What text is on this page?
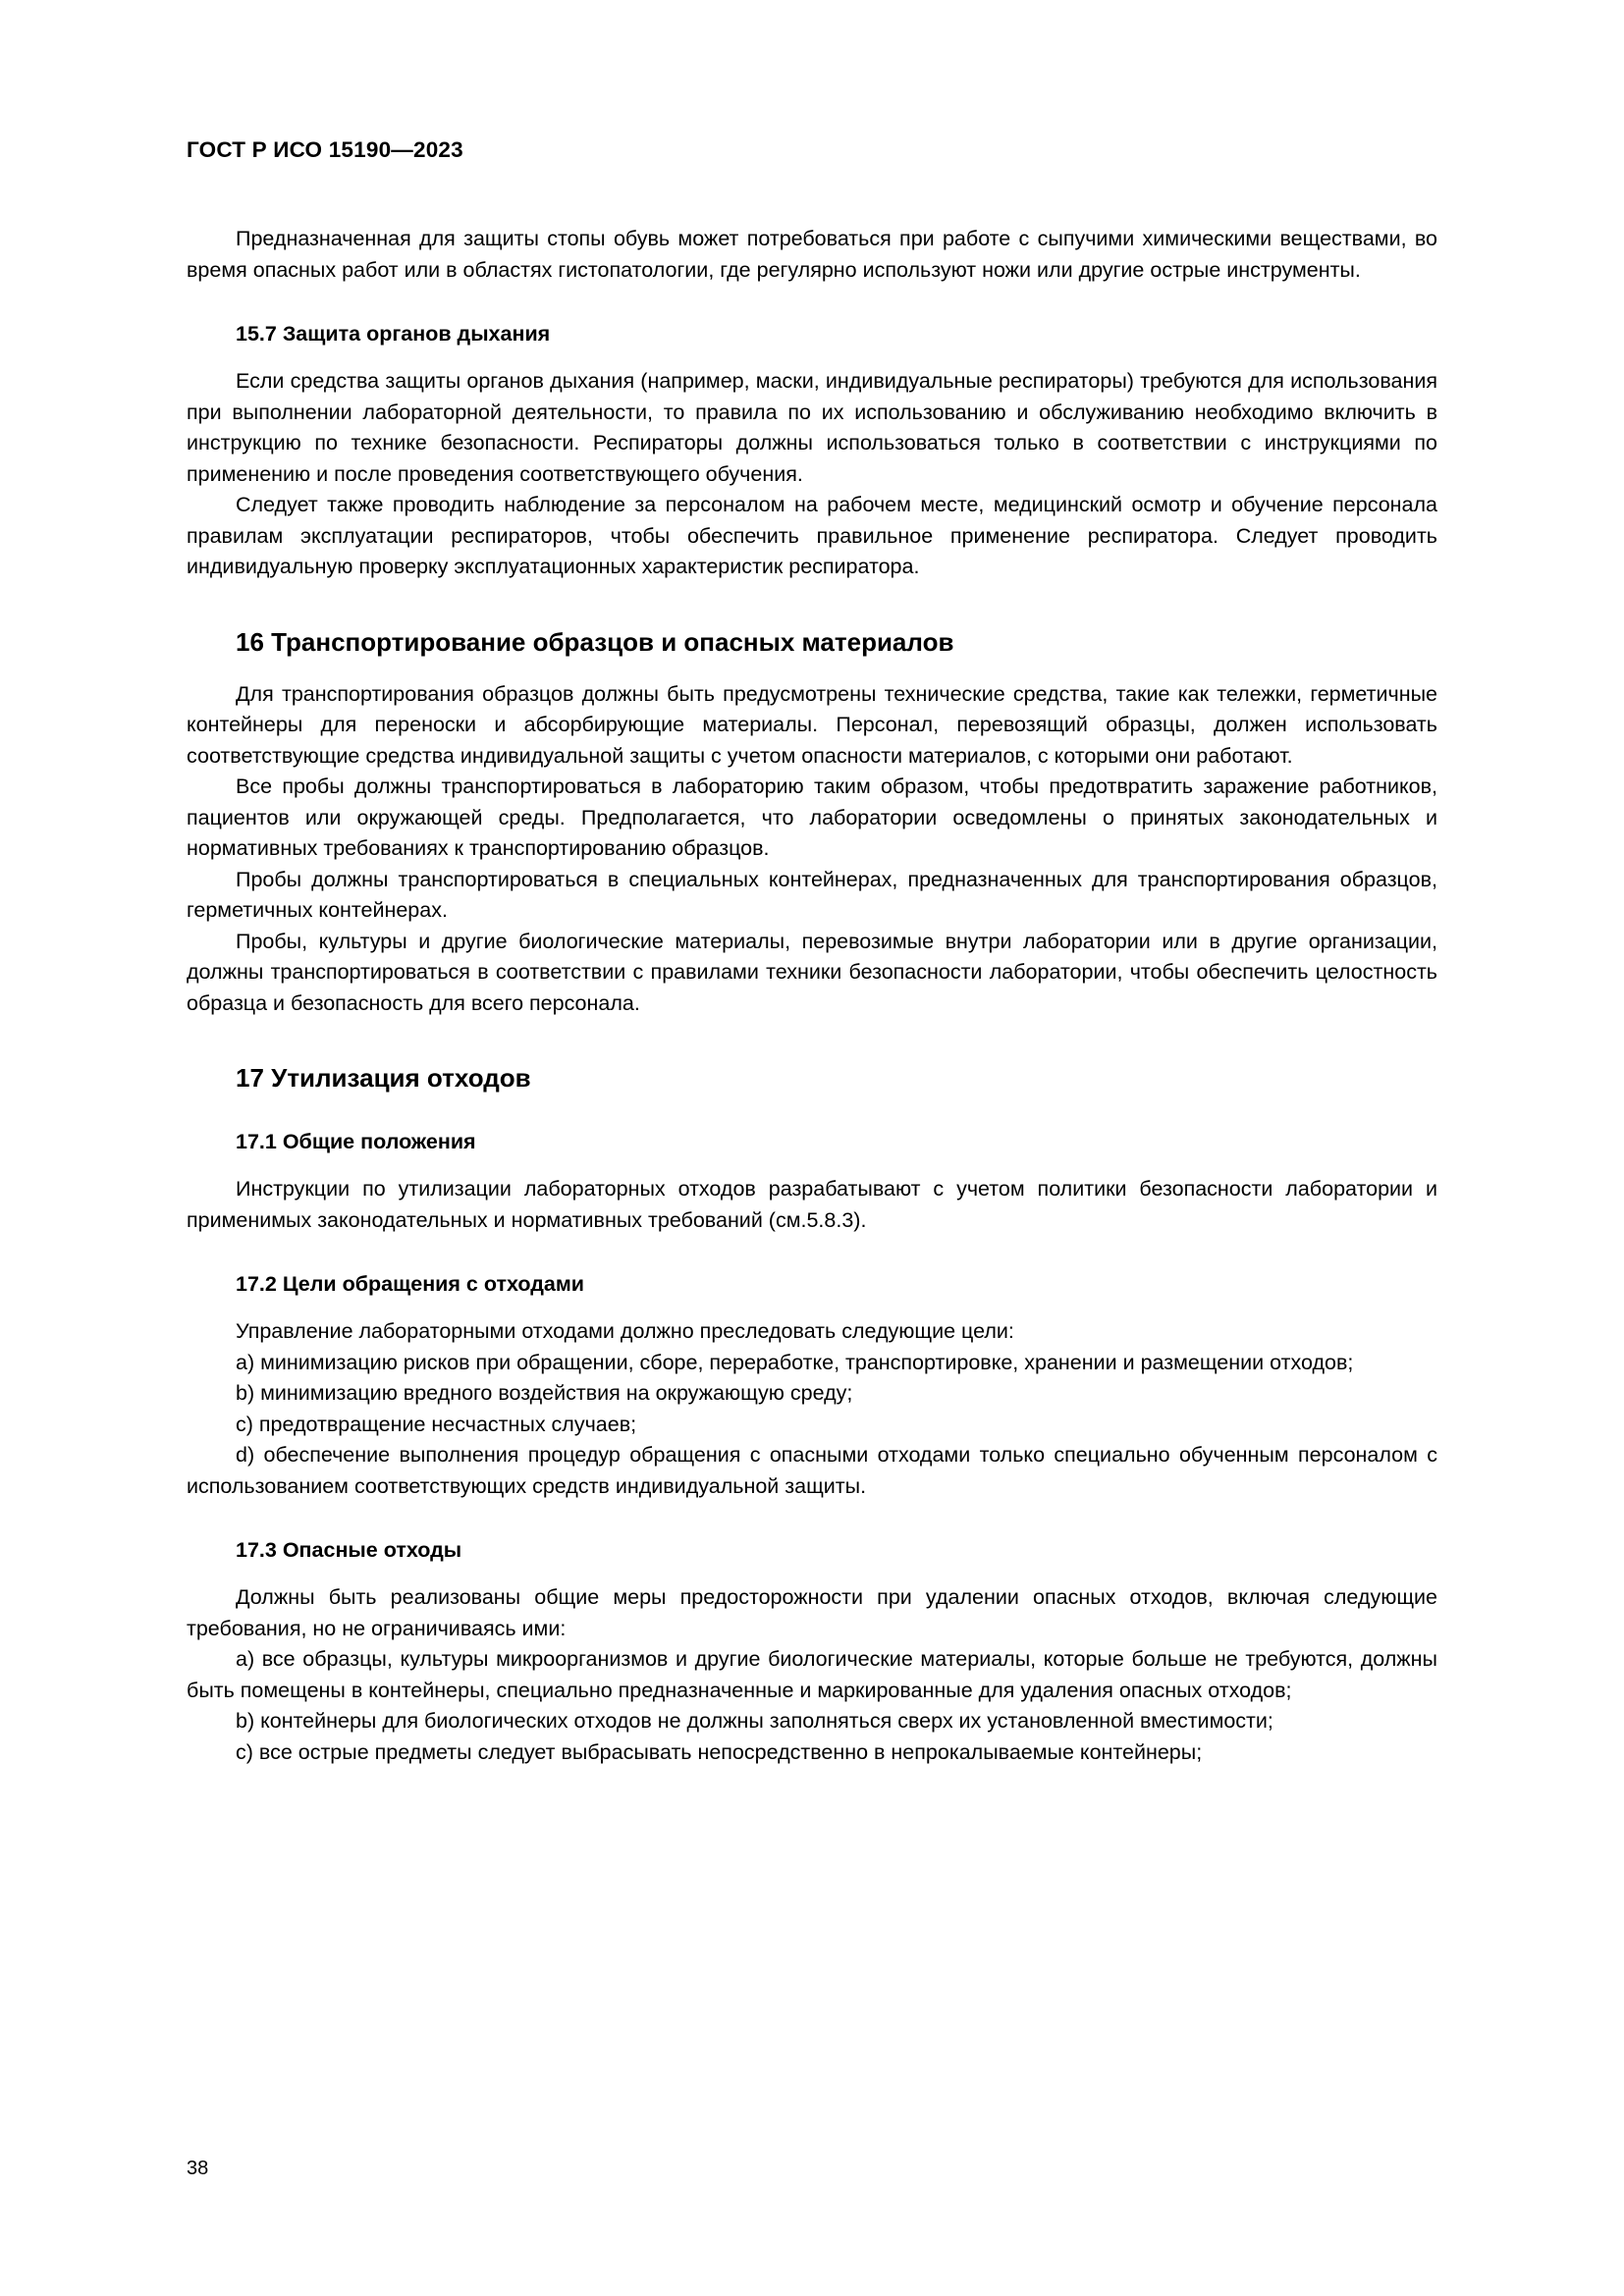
ГОСТ Р ИСО 15190—2023

Предназначенная для защиты стопы обувь может потребоваться при работе с сыпучими химическими веществами, во время опасных работ или в областях гистопатологии, где регулярно используют ножи или другие острые инструменты.

15.7 Защита органов дыхания

Если средства защиты органов дыхания (например, маски, индивидуальные респираторы) требуются для использования при выполнении лабораторной деятельности, то правила по их использованию и обслуживанию необходимо включить в инструкцию по технике безопасности. Респираторы должны использоваться только в соответствии с инструкциями по применению и после проведения соответствующего обучения.

Следует также проводить наблюдение за персоналом на рабочем месте, медицинский осмотр и обучение персонала правилам эксплуатации респираторов, чтобы обеспечить правильное применение респиратора. Следует проводить индивидуальную проверку эксплуатационных характеристик респиратора.

16 Транспортирование образцов и опасных материалов

Для транспортирования образцов должны быть предусмотрены технические средства, такие как тележки, герметичные контейнеры для переноски и абсорбирующие материалы. Персонал, перевозящий образцы, должен использовать соответствующие средства индивидуальной защиты с учетом опасности материалов, с которыми они работают.

Все пробы должны транспортироваться в лабораторию таким образом, чтобы предотвратить заражение работников, пациентов или окружающей среды. Предполагается, что лаборатории осведомлены о принятых законодательных и нормативных требованиях к транспортированию образцов.

Пробы должны транспортироваться в специальных контейнерах, предназначенных для транспортирования образцов, герметичных контейнерах.

Пробы, культуры и другие биологические материалы, перевозимые внутри лаборатории или в другие организации, должны транспортироваться в соответствии с правилами техники безопасности лаборатории, чтобы обеспечить целостность образца и безопасность для всего персонала.

17 Утилизация отходов
17.1 Общие положения

Инструкции по утилизации лабораторных отходов разрабатывают с учетом политики безопасности лаборатории и применимых законодательных и нормативных требований (см.5.8.3).

17.2 Цели обращения с отходами

Управление лабораторными отходами должно преследовать следующие цели:

a) минимизацию рисков при обращении, сборе, переработке, транспортировке, хранении и размещении отходов;

b) минимизацию вредного воздействия на окружающую среду;

c) предотвращение несчастных случаев;

d) обеспечение выполнения процедур обращения с опасными отходами только специально обученным персоналом с использованием соответствующих средств индивидуальной защиты.

17.3 Опасные отходы

Должны быть реализованы общие меры предосторожности при удалении опасных отходов, включая следующие требования, но не ограничиваясь ими:

a) все образцы, культуры микроорганизмов и другие биологические материалы, которые больше не требуются, должны быть помещены в контейнеры, специально предназначенные и маркированные для удаления опасных отходов;

b) контейнеры для биологических отходов не должны заполняться сверх их установленной вместимости;

c) все острые предметы следует выбрасывать непосредственно в непрокалываемые контейнеры;

38
